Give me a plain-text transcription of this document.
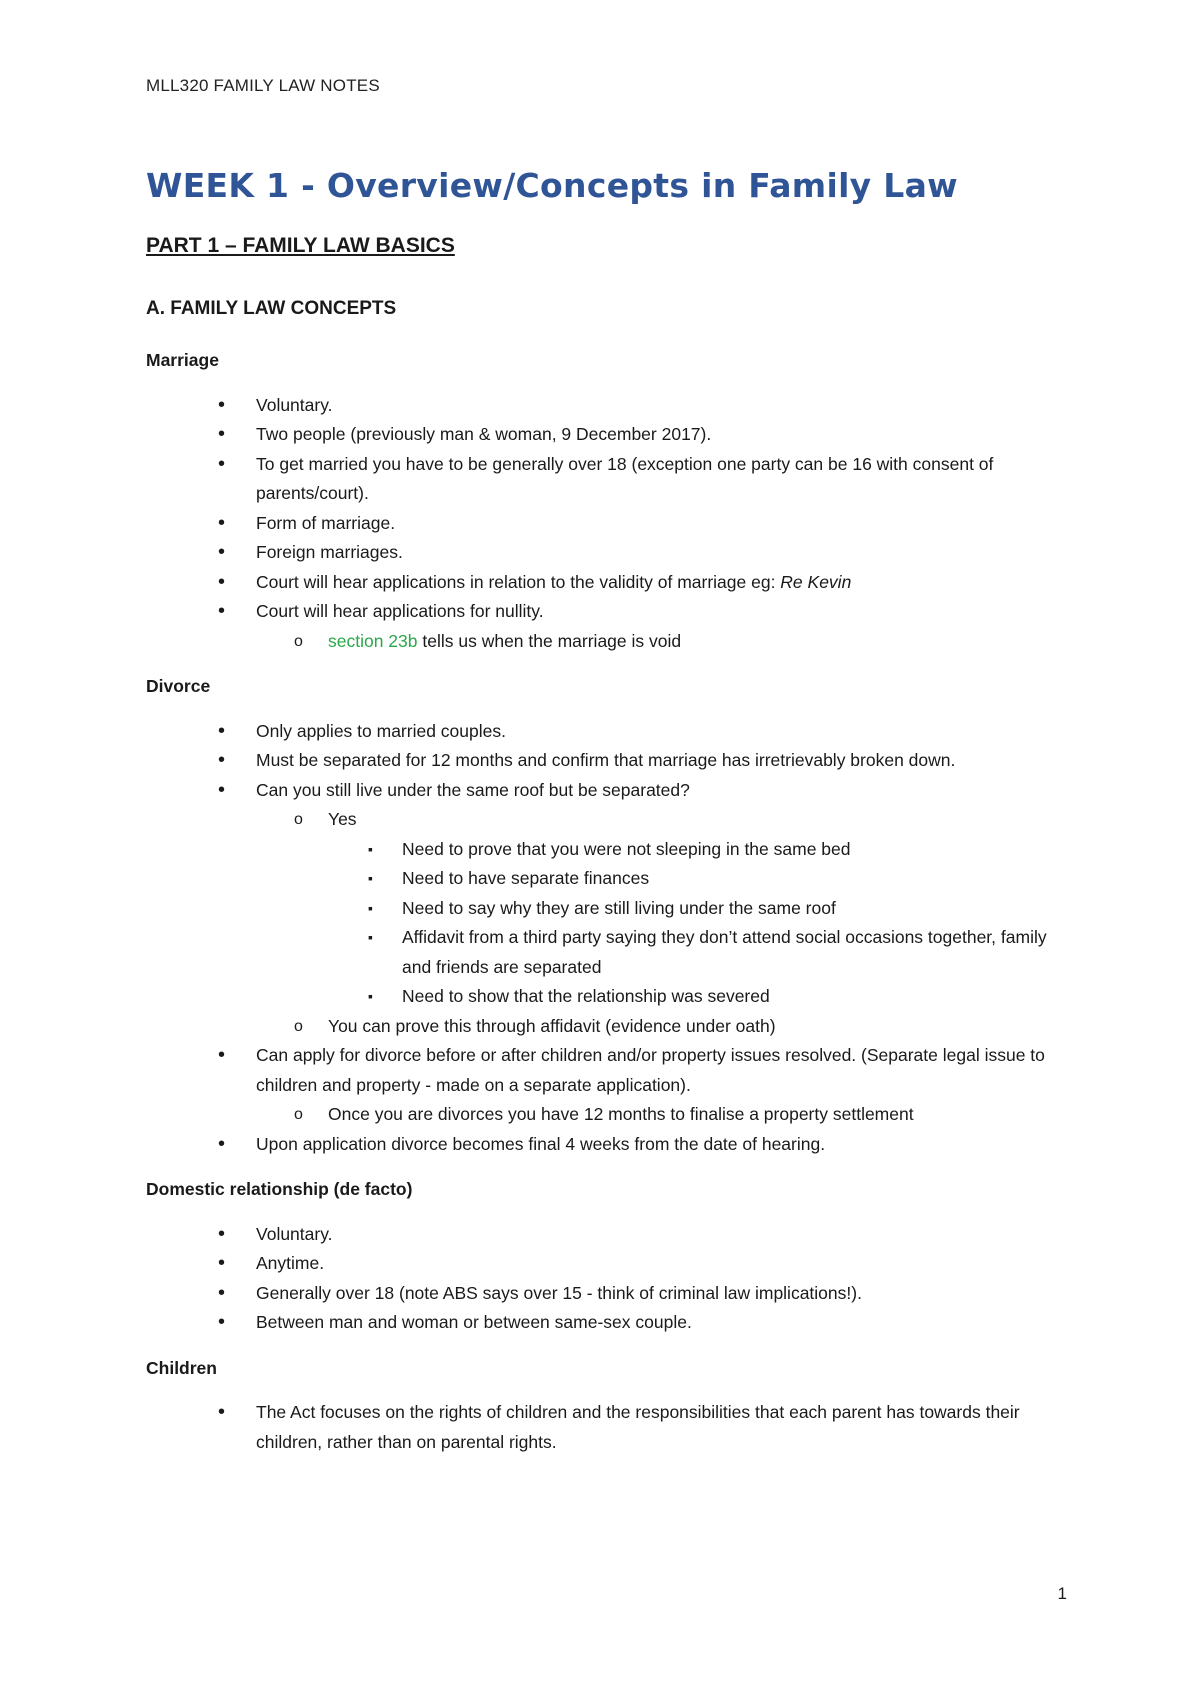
MLL320 FAMILY LAW NOTES
WEEK 1 - Overview/Concepts in Family Law
PART 1 – FAMILY LAW BASICS
A. FAMILY LAW CONCEPTS

Marriage

• Voluntary.

• Two people (previously man & woman, 9 December 2017).

• To get married you have to be generally over 18 (exception one party can be 16 with consent of parents/court).

• Form of marriage.

• Foreign marriages.

• Court will hear applications in relation to the validity of marriage eg: Re Kevin

• Court will hear applications for nullity.

o section 23b tells us when the marriage is void

Divorce

• Only applies to married couples.

• Must be separated for 12 months and confirm that marriage has irretrievably broken down.

• Can you still live under the same roof but be separated?

o Yes

▪ Need to prove that you were not sleeping in the same bed

▪ Need to have separate finances

▪ Need to say why they are still living under the same roof

▪ Affidavit from a third party saying they don’t attend social occasions together, family and friends are separated

▪ Need to show that the relationship was severed

o You can prove this through affidavit (evidence under oath)

• Can apply for divorce before or after children and/or property issues resolved. (Separate legal issue to children and property - made on a separate application).

o Once you are divorces you have 12 months to finalise a property settlement

• Upon application divorce becomes final 4 weeks from the date of hearing.

Domestic relationship (de facto)

• Voluntary.

• Anytime.

• Generally over 18 (note ABS says over 15 - think of criminal law implications!).

• Between man and woman or between same-sex couple.

Children

• The Act focuses on the rights of children and the responsibilities that each parent has towards their children, rather than on parental rights.

1
